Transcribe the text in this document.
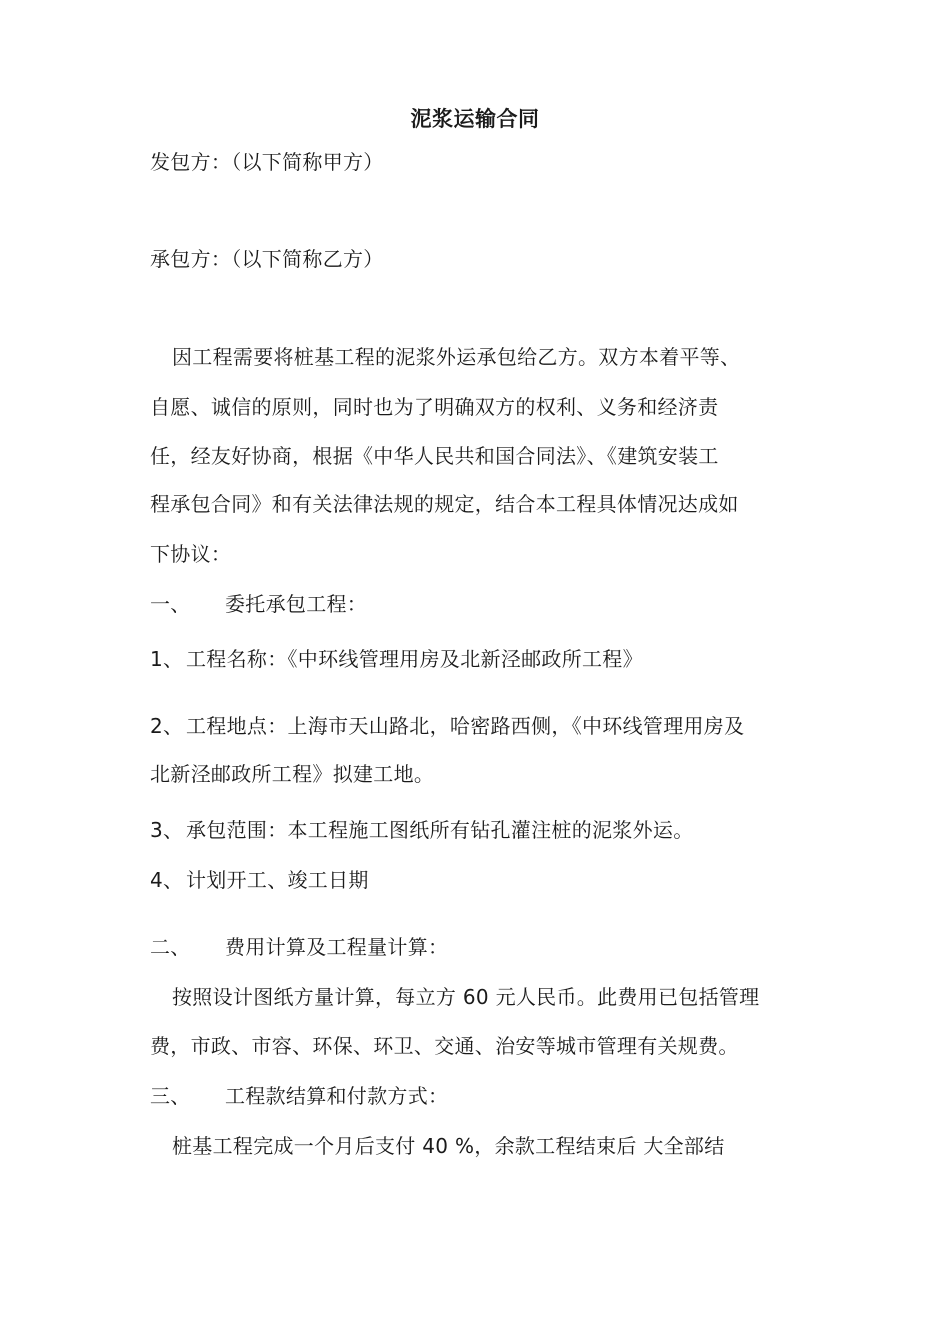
泥浆运输合同
发包方：（以下简称甲方）
承包方：（以下简称乙方）
因工程需要将桩基工程的泥浆外运承包给乙方。双方本着平等、
自愿、诚信的原则，同时也为了明确双方的权利、义务和经济责
任，经友好协商，根据《中华人民共和国合同法》、《建筑安装工
程承包合同》和有关法律法规的规定，结合本工程具体情况达成如
下协议：
一、 委托承包工程：
1、 工程名称：《中环线管理用房及北新泾邮政所工程》
2、 工程地点：上海市天山路北，哈密路西侧，《中环线管理用房及
北新泾邮政所工程》拟建工地。
3、 承包范围：本工程施工图纸所有钻孔灌注桩的泥浆外运。
4、 计划开工、竣工日期
二、 费用计算及工程量计算：
按照设计图纸方量计算，每立方 60 元人民币。此费用已包括管理
费，市政、市容、环保、环卫、交通、治安等城市管理有关规费。
三、 工程款结算和付款方式：
桩基工程完成一个月后支付 40 %，余款工程结束后 大全部结
